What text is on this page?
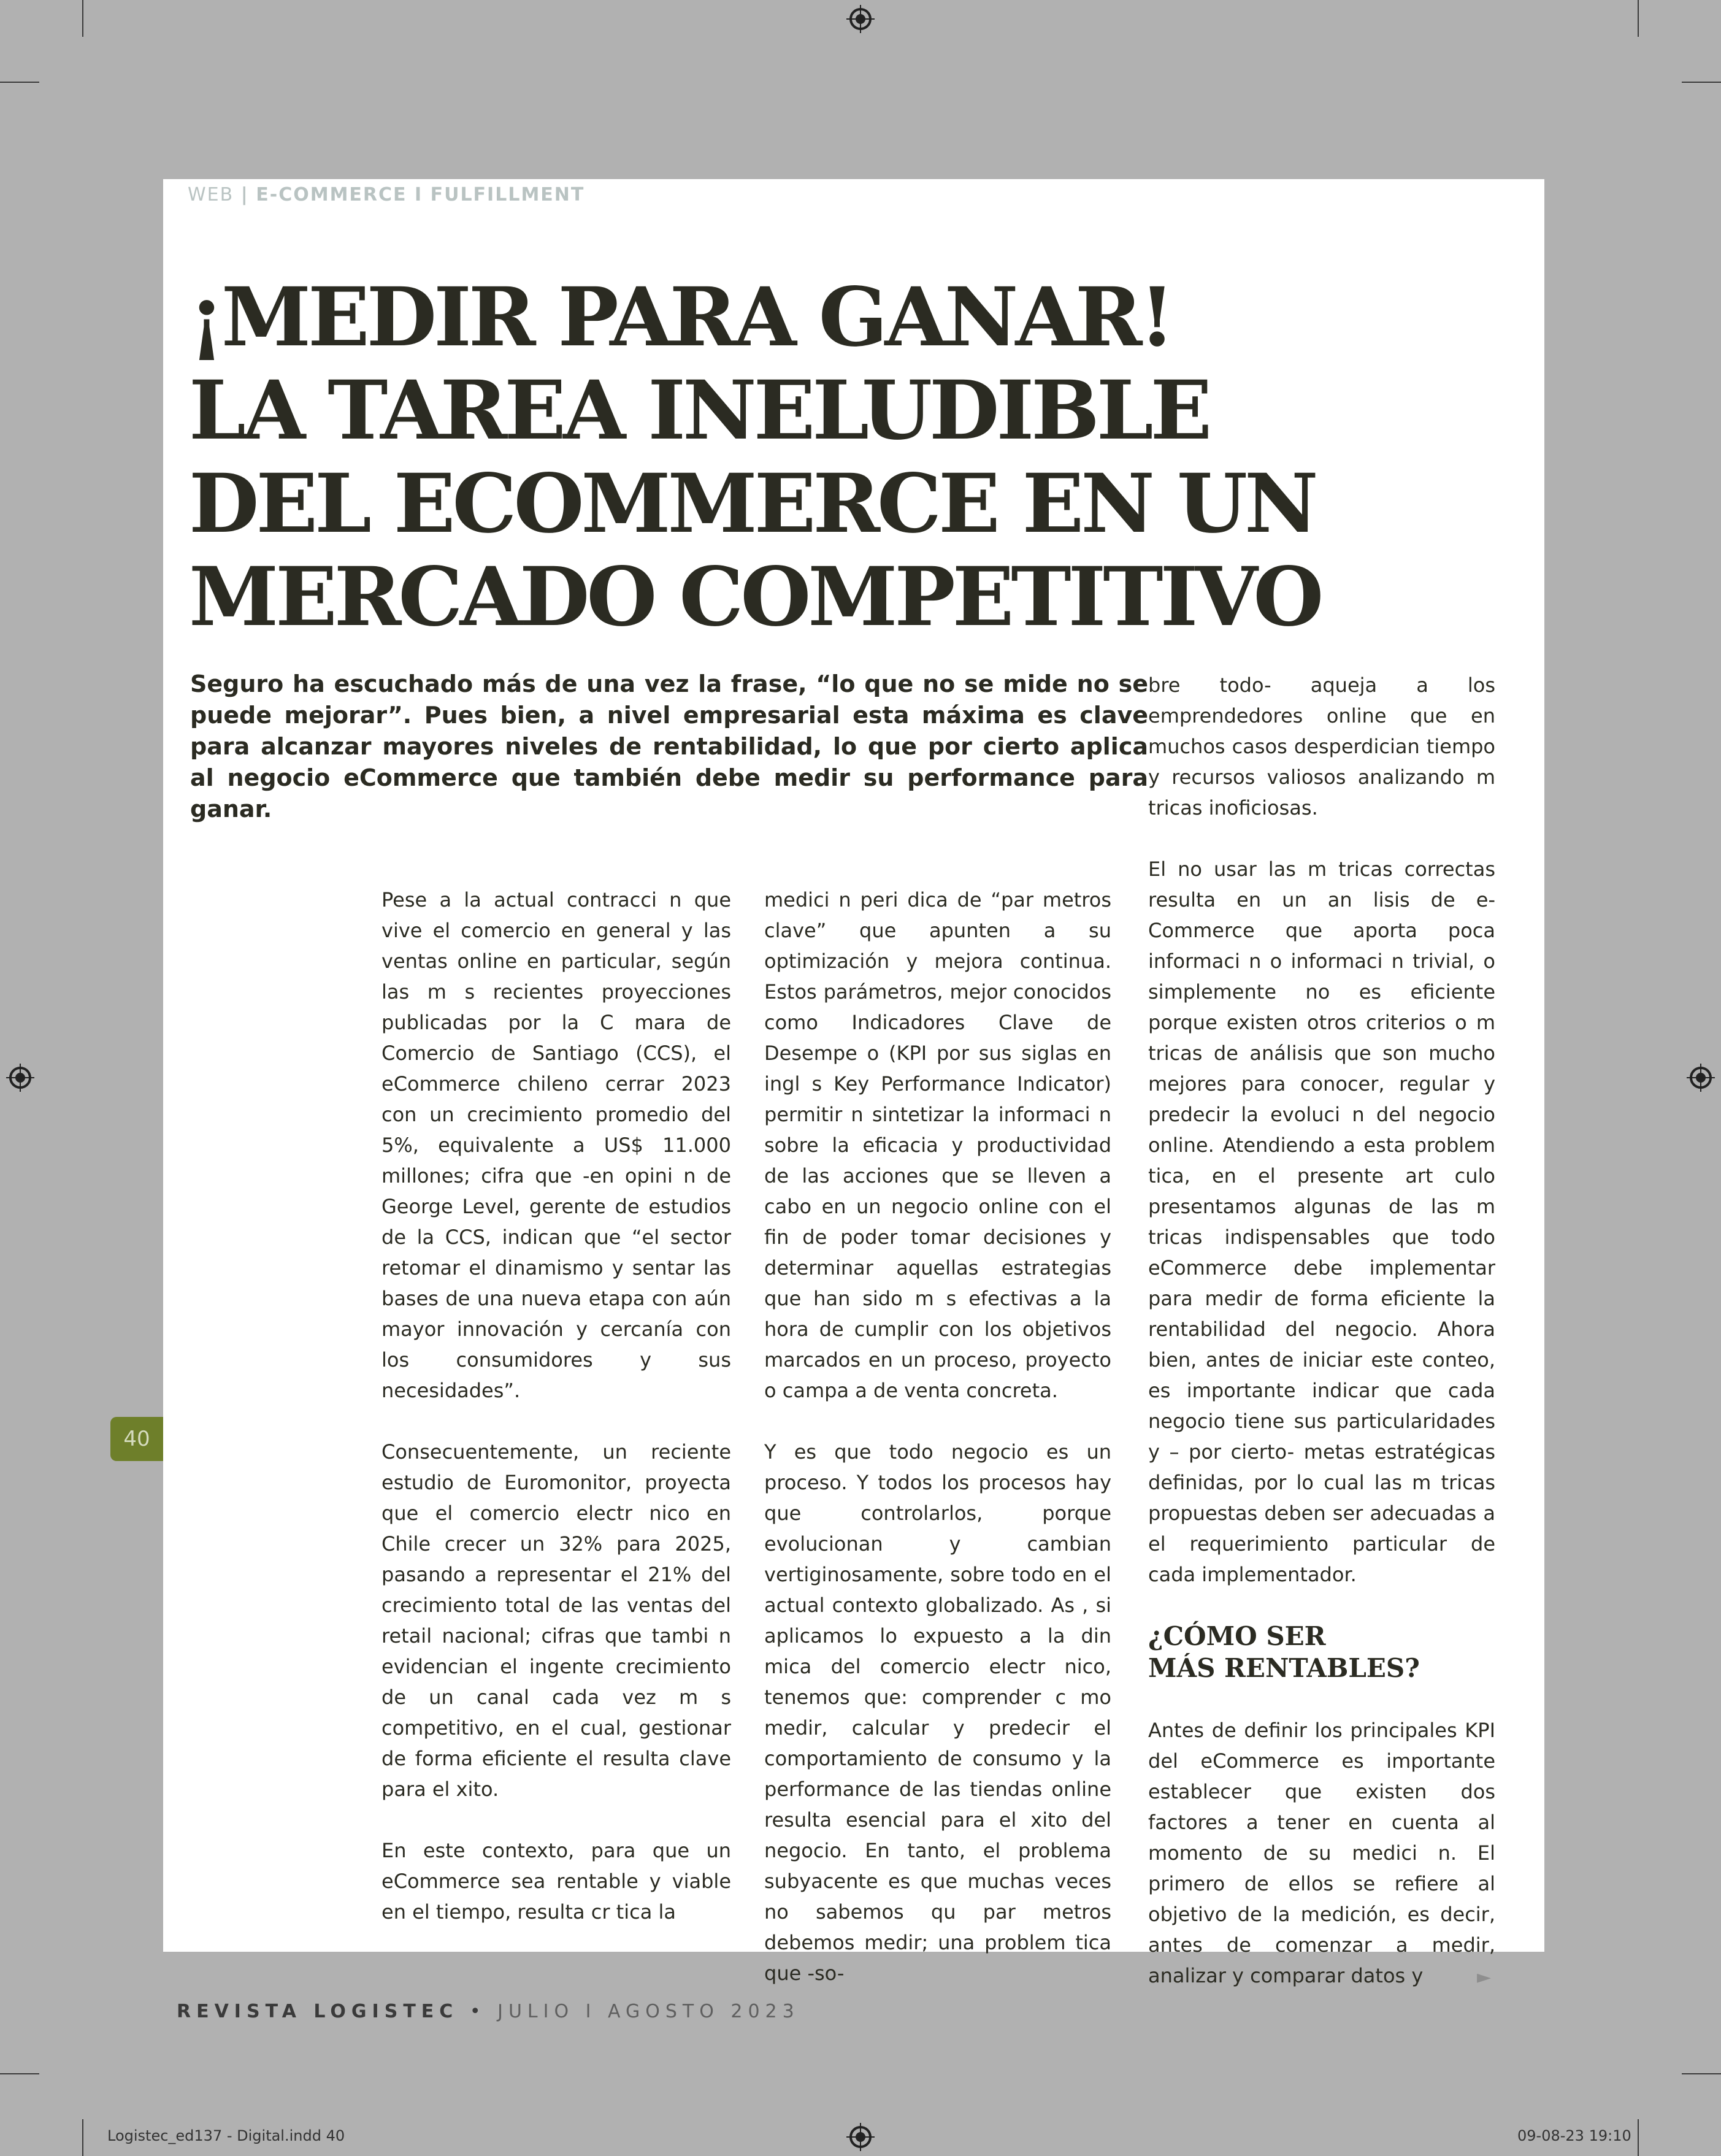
WEB | E-COMMERCE I FULFILLMENT
¡MEDIR PARA GANAR!
LA TAREA INELUDIBLE
DEL ECOMMERCE EN UN
MERCADO COMPETITIVO

Seguro ha escuchado más de una vez la frase, “lo que no se mide no se puede mejorar”. Pues bien, a nivel empresarial esta máxima es clave para alcanzar mayores niveles de rentabilidad, lo que por cierto aplica al negocio eCommerce que también debe medir su performance para ganar.

Pese a la actual contracci n que vive el comercio en general y las ventas online en particular, según las m s recientes proyecciones publicadas por la C mara de Comercio de Santiago (CCS), el eCommerce chileno cerrar 2023 con un crecimiento promedio del 5%, equivalente a US$ 11.000 millones; cifra que -en opini n de George Level, gerente de estudios de la CCS, indican que “el sector retomar el dinamismo y sentar las bases de una nueva etapa con aún mayor innovación y cercanía con los consumidores y sus necesidades”.

Consecuentemente, un reciente estudio de Euromonitor, proyecta que el comercio electr nico en Chile crecer un 32% para 2025, pasando a representar el 21% del crecimiento total de las ventas del retail nacional; cifras que tambi n evidencian el ingente crecimiento de un canal cada vez m s competitivo, en el cual, gestionar de forma eficiente el resulta clave para el xito.

En este contexto, para que un eCommerce sea rentable y viable en el tiempo, resulta cr tica la

medici n peri dica de “par metros clave” que apunten a su optimización y mejora continua. Estos parámetros, mejor conocidos como Indicadores Clave de Desempe o (KPI por sus siglas en ingl s Key Performance Indicator) permitir n sintetizar la informaci n sobre la eficacia y productividad de las acciones que se lleven a cabo en un negocio online con el fin de poder tomar decisiones y determinar aquellas estrategias que han sido m s efectivas a la hora de cumplir con los objetivos marcados en un proceso, proyecto o campa a de venta concreta.

Y es que todo negocio es un proceso. Y todos los procesos hay que controlarlos, porque evolucionan y cambian vertiginosamente, sobre todo en el actual contexto globalizado. As , si aplicamos lo expuesto a la din mica del comercio electr nico, tenemos que: comprender c mo medir, calcular y predecir el comportamiento de consumo y la performance de las tiendas online resulta esencial para el xito del negocio. En tanto, el problema subyacente es que muchas veces no sabemos qu par metros debemos medir; una problem tica que -so-

bre todo- aqueja a los emprendedores online que en muchos casos desperdician tiempo y recursos valiosos analizando m tricas inoficiosas.

El no usar las m tricas correctas resulta en un an lisis de e-Commerce que aporta poca informaci n o informaci n trivial, o simplemente no es eficiente porque existen otros criterios o m tricas de análisis que son mucho mejores para conocer, regular y predecir la evoluci n del negocio online. Atendiendo a esta problem tica, en el presente art culo presentamos algunas de las m tricas indispensables que todo eCommerce debe implementar para medir de forma eficiente la rentabilidad del negocio. Ahora bien, antes de iniciar este conteo, es importante indicar que cada negocio tiene sus particularidades y – por cierto- metas estratégicas definidas, por lo cual las m tricas propuestas deben ser adecuadas a el requerimiento particular de cada implementador.

¿CÓMO SER
MÁS RENTABLES?

Antes de definir los principales KPI del eCommerce es importante establecer que existen dos factores a tener en cuenta al momento de su medici n. El primero de ellos se refiere al objetivo de la medición, es decir, antes de comenzar a medir, analizar y comparar datos y

40
REVISTA LOGISTEC • JULIO I AGOSTO 2023
►
Logistec_ed137 - Digital.indd 40	09-08-23 19:10
